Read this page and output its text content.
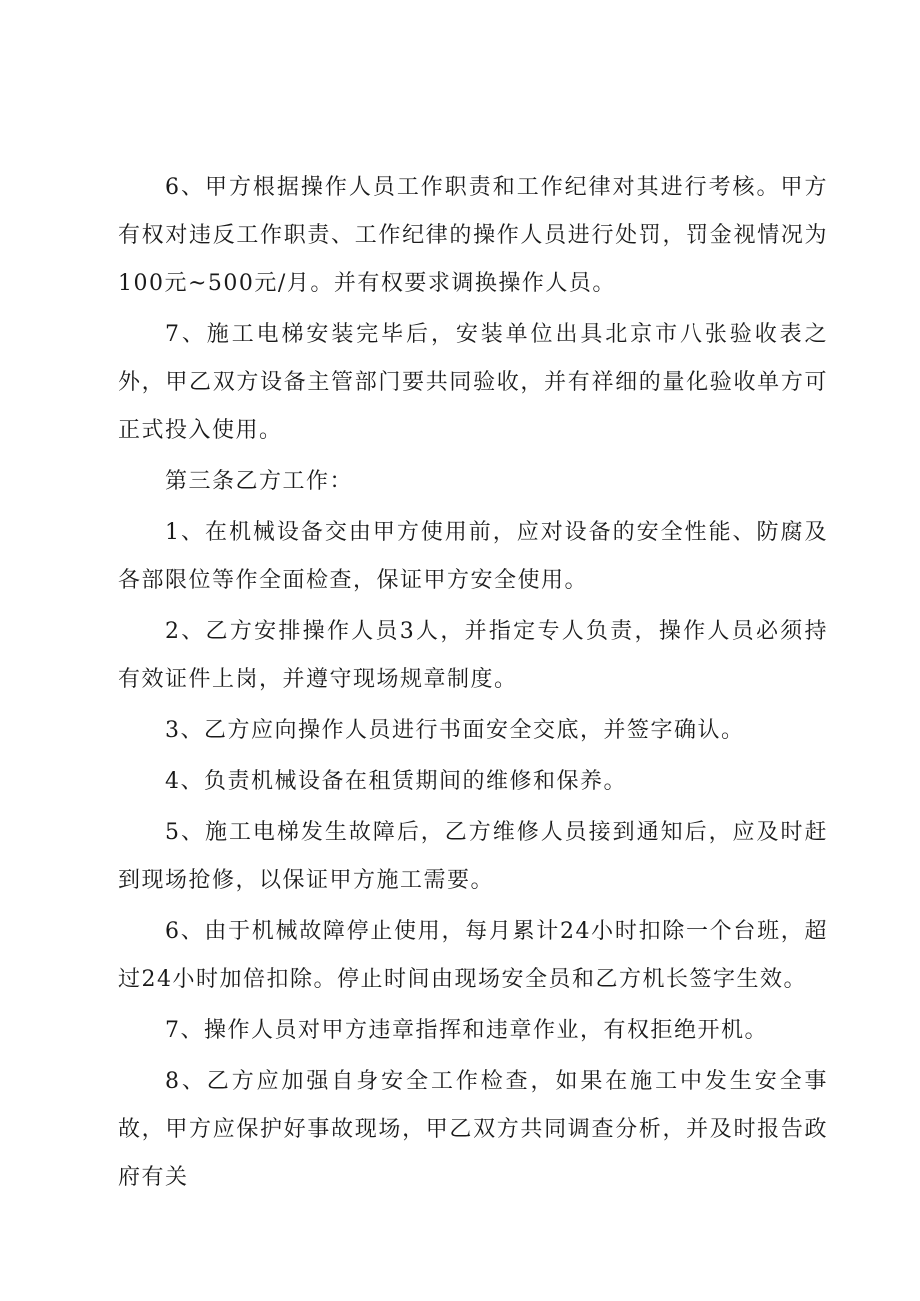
6、甲方根据操作人员工作职责和工作纪律对其进行考核。甲方有权对违反工作职责、工作纪律的操作人员进行处罚，罚金视情况为100元~500元/月。并有权要求调换操作人员。

7、施工电梯安装完毕后，安装单位出具北京市八张验收表之外，甲乙双方设备主管部门要共同验收，并有祥细的量化验收单方可正式投入使用。

第三条乙方工作：

1、在机械设备交由甲方使用前，应对设备的安全性能、防腐及各部限位等作全面检查，保证甲方安全使用。

2、乙方安排操作人员3人，并指定专人负责，操作人员必须持有效证件上岗，并遵守现场规章制度。

3、乙方应向操作人员进行书面安全交底，并签字确认。

4、负责机械设备在租赁期间的维修和保养。

5、施工电梯发生故障后，乙方维修人员接到通知后，应及时赶到现场抢修，以保证甲方施工需要。

6、由于机械故障停止使用，每月累计24小时扣除一个台班，超过24小时加倍扣除。停止时间由现场安全员和乙方机长签字生效。

7、操作人员对甲方违章指挥和违章作业，有权拒绝开机。

8、乙方应加强自身安全工作检查，如果在施工中发生安全事故，甲方应保护好事故现场，甲乙双方共同调查分析，并及时报告政府有关
